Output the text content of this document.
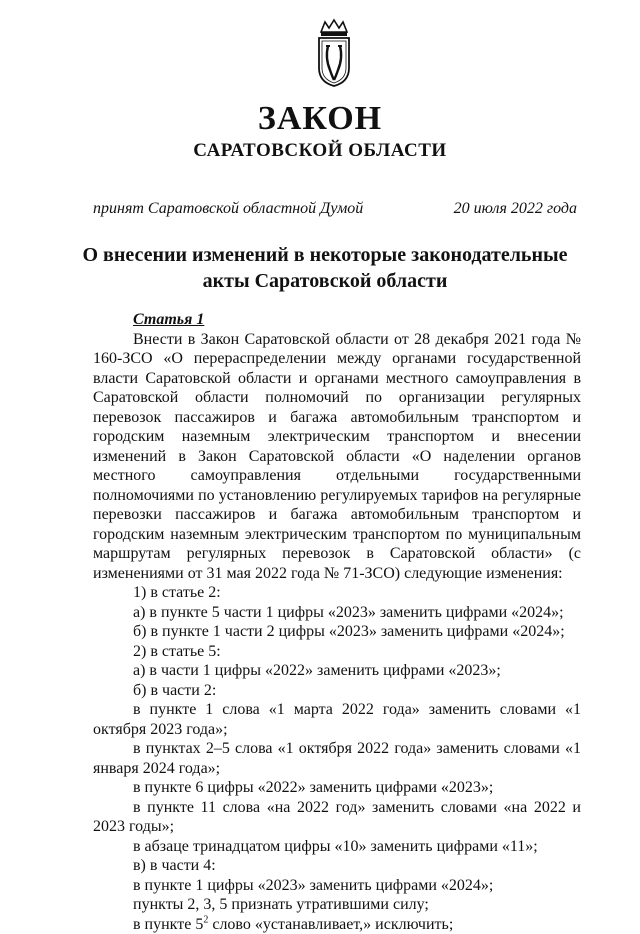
ЗАКОН
САРАТОВСКОЙ ОБЛАСТИ
принят Саратовской областной Думой	20 июля 2022 года
О внесении изменений в некоторые законодательные
акты Саратовской области
Статья 1
Внести в Закон Саратовской области от 28 декабря 2021 года № 160-ЗСО «О перераспределении между органами государственной власти Саратовской области и органами местного самоуправления в Саратовской области полномочий по организации регулярных перевозок пассажиров и багажа автомобильным транспортом и городским наземным электрическим транспортом и внесении изменений в Закон Саратовской области «О наделении органов местного самоуправления отдельными государственными полномочиями по установлению регулируемых тарифов на регулярные перевозки пассажиров и багажа автомобильным транспортом и городским наземным электрическим транспортом по муниципальным маршрутам регулярных перевозок в Саратовской области» (с изменениями от 31 мая 2022 года № 71-ЗСО) следующие изменения:
1) в статье 2:
а) в пункте 5 части 1 цифры «2023» заменить цифрами «2024»;
б) в пункте 1 части 2 цифры «2023» заменить цифрами «2024»;
2) в статье 5:
а) в части 1 цифры «2022» заменить цифрами «2023»;
б) в части 2:
в пункте 1 слова «1 марта 2022 года» заменить словами «1 октября 2023 года»;
в пунктах 2–5 слова «1 октября 2022 года» заменить словами «1 января 2024 года»;
в пункте 6 цифры «2022» заменить цифрами «2023»;
в пункте 11 слова «на 2022 год» заменить словами «на 2022 и 2023 годы»;
в абзаце тринадцатом цифры «10» заменить цифрами «11»;
в) в части 4:
в пункте 1 цифры «2023» заменить цифрами «2024»;
пункты 2, 3, 5 признать утратившими силу;
в пункте $5^2$ слово «устанавливает,» исключить;
